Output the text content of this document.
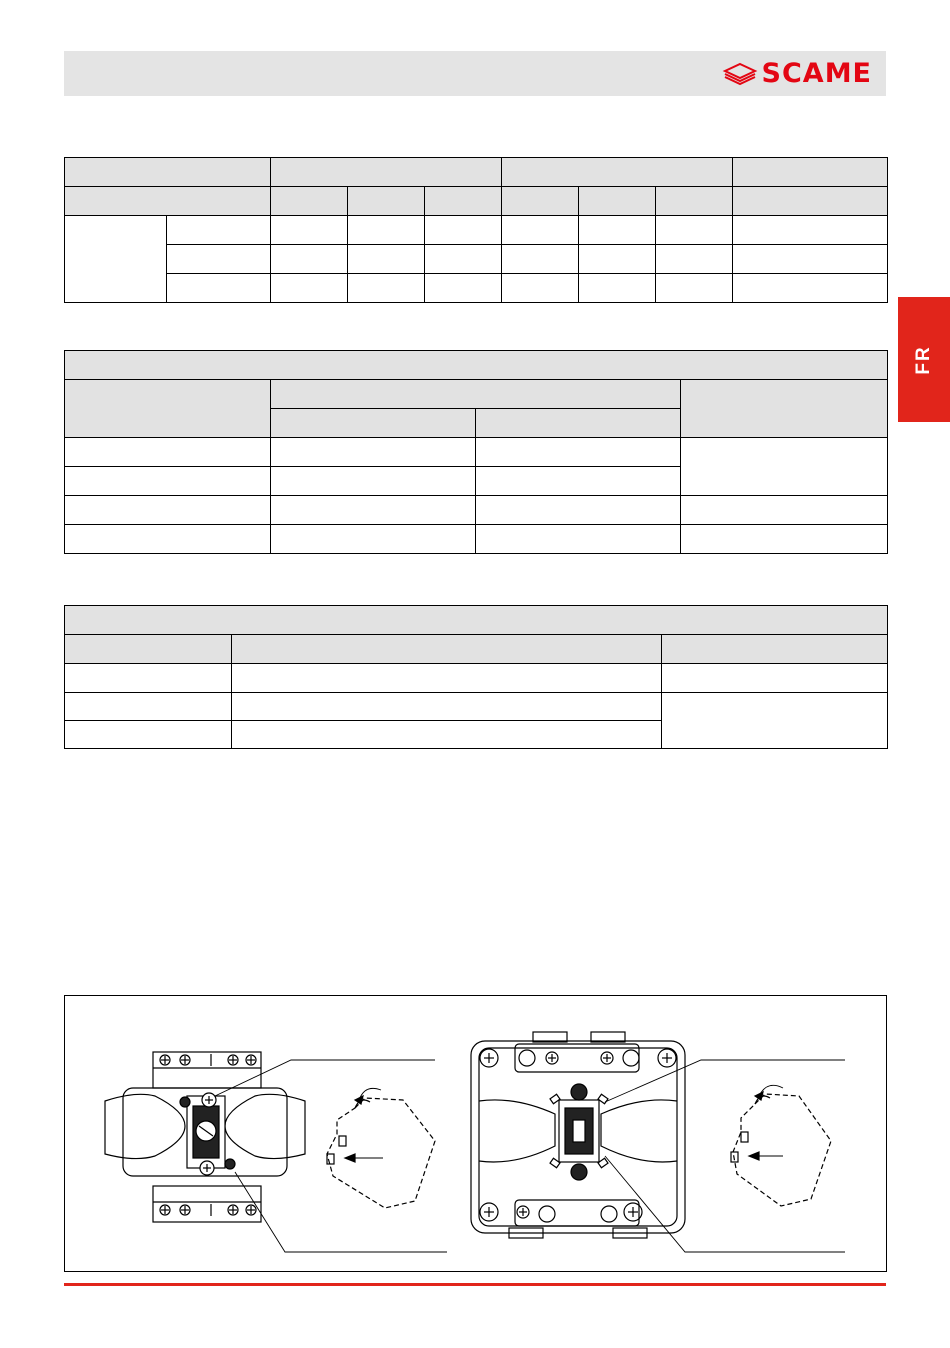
SCAME
FR
